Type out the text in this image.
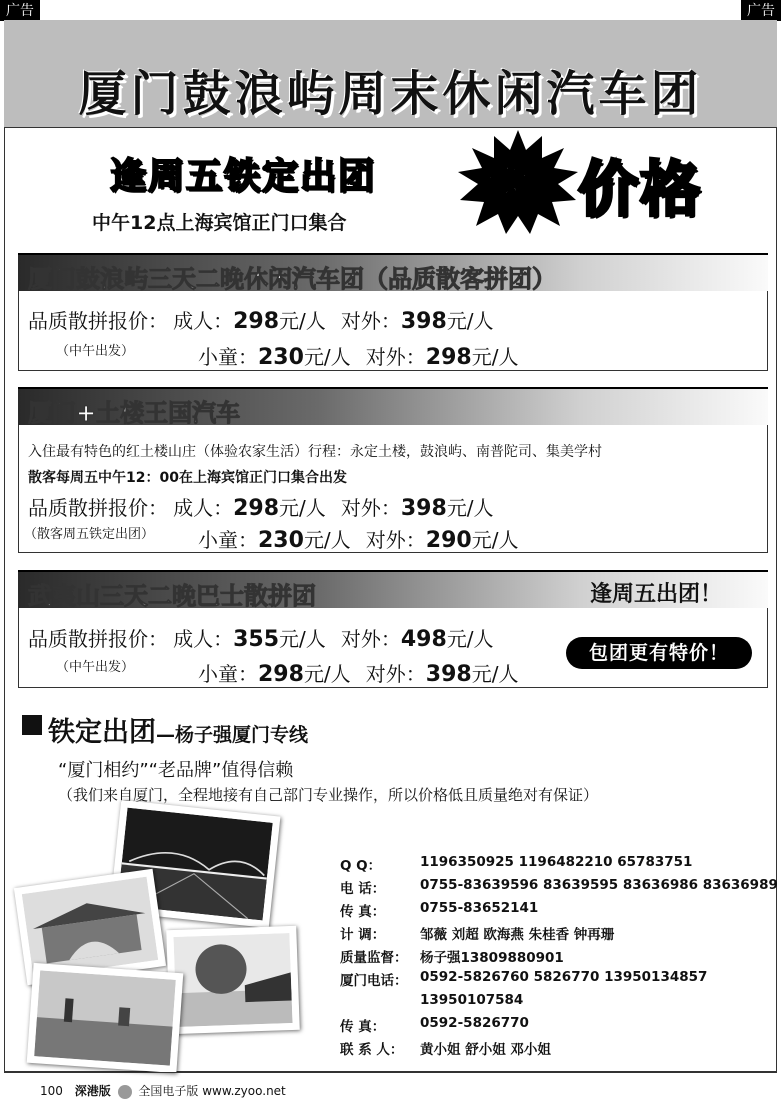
广告	广告
厦门鼓浪屿周末休闲汽车团
逢周五铁定出团
中午12点上海宾馆正门口集合
惊爆 价格
厦门鼓浪屿三天二晚休闲汽车团（品质散客拼团）
品质散拼报价： 成人：298元/人 对外：398元/人
（中午出发）	小童：230元/人 对外：298元/人
厦门+土楼王国汽车
入住最有特色的红土楼山庄（体验农家生活）行程：永定土楼，鼓浪屿、南普陀司、集美学村
散客每周五中午12：00在上海宾馆正门口集合出发
品质散拼报价： 成人：298元/人 对外：398元/人
（散客周五铁定出团） 小童：230元/人 对外：290元/人
武夷山三天二晚巴士散拼团	逢周五出团！
品质散拼报价： 成人：355元/人 对外：498元/人
（中午出发）	小童：298元/人 对外：398元/人
包团更有特价！
铁定出团—杨子强厦门专线
“厦门相约”“老品牌”值得信赖
（我们来自厦门，全程地接有自己部门专业操作，所以价格低且质量绝对有保证）
Q Q：	1196350925 1196482210 65783751
电 话：	0755-83639596 83639595 83636986 83636989
传 真：	0755-83652141
计 调：	邹薇 刘超 欧海燕 朱桂香 钟再珊
质量监督： 杨子强13809880901
厦门电话： 0592-5826760 5826770 13950134857
13950107584
传 真：	0592-5826770
联 系 人：	黄小姐 舒小姐 邓小姐
100 深港版 全国电子版 www.zyoo.net
